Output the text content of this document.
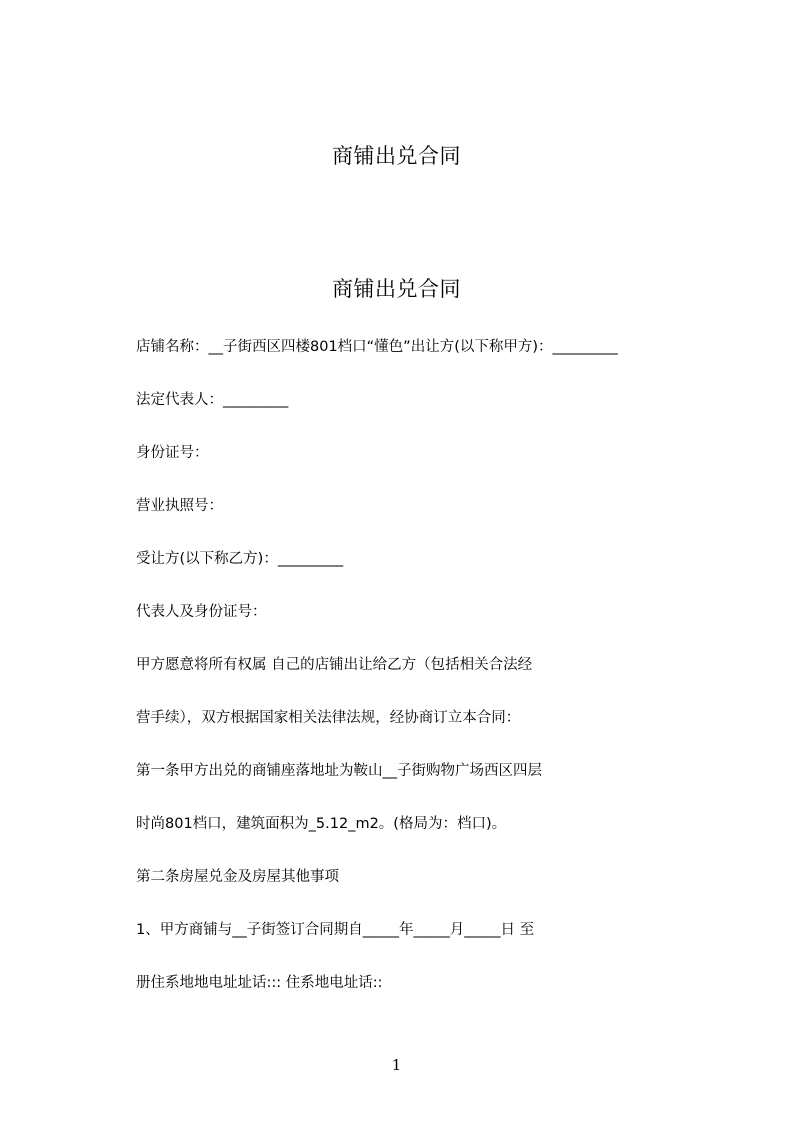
商铺出兑合同
商铺出兑合同
店铺名称：__子街西区四楼801档口“懂色”出让方(以下称甲方)：_________
法定代表人：_________
身份证号：
营业执照号：
受让方(以下称乙方)：_________
代表人及身份证号：
甲方愿意将所有权属 自己的店铺出让给乙方（包括相关合法经
营手续），双方根据国家相关法律法规，经协商订立本合同：
第一条甲方出兑的商铺座落地址为鞍山__子街购物广场西区四层
时尚801档口，建筑面积为_5.12_m2。(格局为：档口)。
第二条房屋兑金及房屋其他事项
1、甲方商铺与__子街签订合同期自_____年_____月_____日 至
册住系地地电址址话::: 住系地电址话::
1
